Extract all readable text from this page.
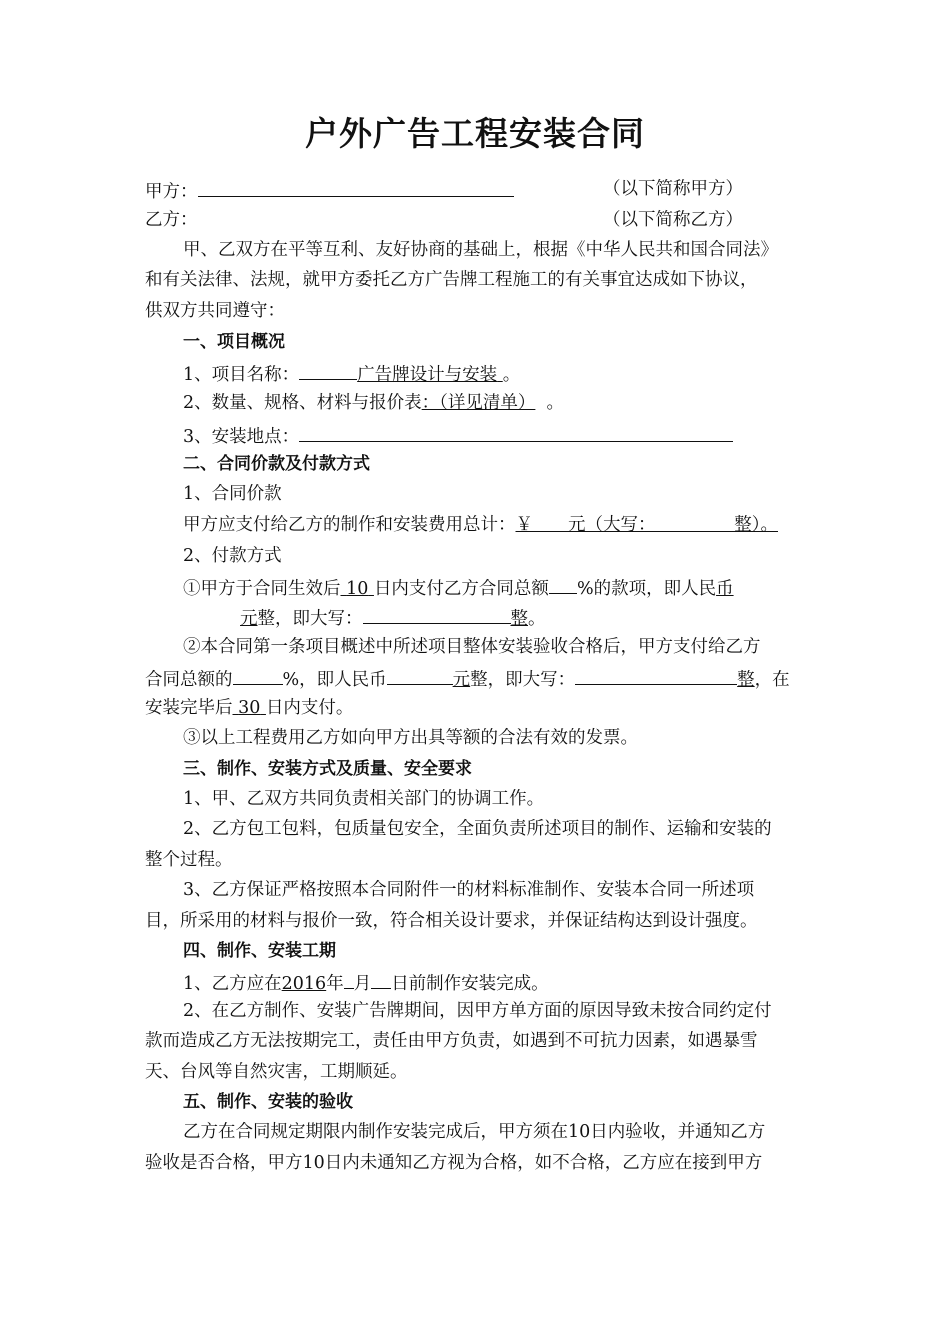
户外广告工程安装合同
甲方：	（以下简称甲方）
乙方：	（以下简称乙方）
甲、乙双方在平等互利、友好协商的基础上，根据《中华人民共和国合同法》
和有关法律、法规，就甲方委托乙方广告牌工程施工的有关事宜达成如下协议，
供双方共同遵守：
一、项目概况
1、项目名称：	广告牌设计与安装 。
2、数量、规格、材料与报价表：（详见清单） 。
3、安装地点：
二、合同价款及付款方式
1、合同价款
甲方应支付给乙方的制作和安装费用总计：￥　　元（大写：　　　　　整）。
2、付款方式
①甲方于合同生效后 10 日内支付乙方合同总额 %的款项，即人民币
元整，即大写：	整。
②本合同第一条项目概述中所述项目整体安装验收合格后，甲方支付给乙方
合同总额的	%，即人民币	元整，即大写：	整，在
安装完毕后 30 日内支付。
③以上工程费用乙方如向甲方出具等额的合法有效的发票。
三、制作、安装方式及质量、安全要求
1、甲、乙双方共同负责相关部门的协调工作。
2、乙方包工包料，包质量包安全，全面负责所述项目的制作、运输和安装的
整个过程。
3、乙方保证严格按照本合同附件一的材料标准制作、安装本合同一所述项
目，所采用的材料与报价一致，符合相关设计要求，并保证结构达到设计强度。
四、制作、安装工期
1、乙方应在2016年 月 日前制作安装完成。
2、在乙方制作、安装广告牌期间，因甲方单方面的原因导致未按合同约定付
款而造成乙方无法按期完工，责任由甲方负责，如遇到不可抗力因素，如遇暴雪
天、台风等自然灾害，工期顺延。
五、制作、安装的验收
乙方在合同规定期限内制作安装完成后，甲方须在10日内验收，并通知乙方
验收是否合格，甲方10日内未通知乙方视为合格，如不合格，乙方应在接到甲方
